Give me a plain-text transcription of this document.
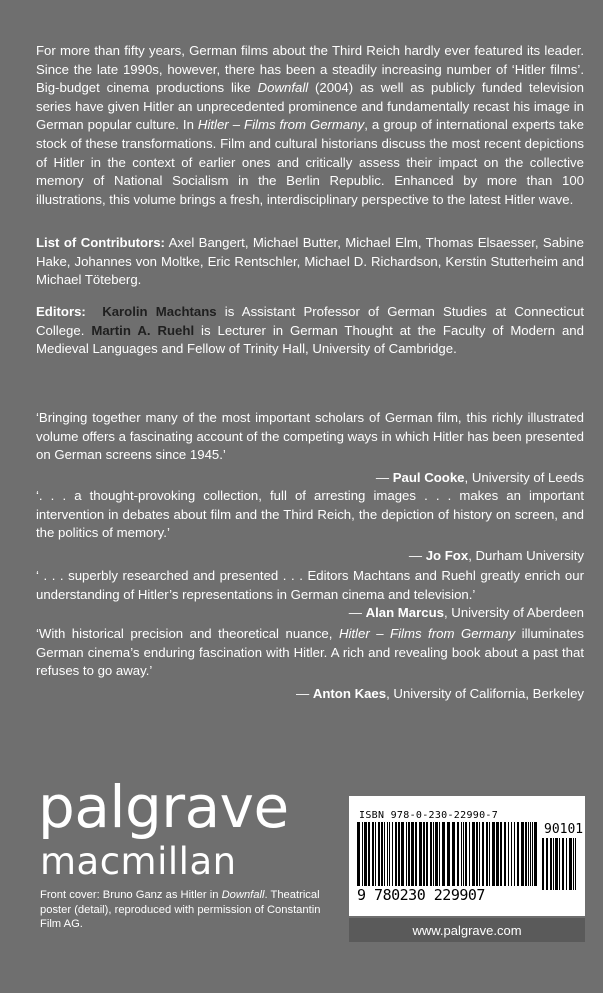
For more than fifty years, German films about the Third Reich hardly ever featured its leader. Since the late 1990s, however, there has been a steadily increasing number of ‘Hitler films’. Big-budget cinema productions like Downfall (2004) as well as publicly funded television series have given Hitler an unprecedented prominence and fundamentally recast his image in German popular culture. In Hitler – Films from Germany, a group of international experts take stock of these transformations. Film and cultural historians discuss the most recent depictions of Hitler in the context of earlier ones and critically assess their impact on the collective memory of National Socialism in the Berlin Republic. Enhanced by more than 100 illustrations, this volume brings a fresh, interdisciplinary perspective to the latest Hitler wave.

List of Contributors: Axel Bangert, Michael Butter, Michael Elm, Thomas Elsaesser, Sabine Hake, Johannes von Moltke, Eric Rentschler, Michael D. Richardson, Kerstin Stutterheim and Michael Töteberg.

Editors: Karolin Machtans is Assistant Professor of German Studies at Connecticut College. Martin A. Ruehl is Lecturer in German Thought at the Faculty of Modern and Medieval Languages and Fellow of Trinity Hall, University of Cambridge.

‘Bringing together many of the most important scholars of German film, this richly illustrated volume offers a fascinating account of the competing ways in which Hitler has been presented on German screens since 1945.’
— Paul Cooke, University of Leeds
‘. . . a thought-provoking collection, full of arresting images . . . makes an important intervention in debates about film and the Third Reich, the depiction of history on screen, and the politics of memory.’
— Jo Fox, Durham University
‘ . . . superbly researched and presented . . . Editors Machtans and Ruehl greatly enrich our understanding of Hitler’s representations in German cinema and television.’
— Alan Marcus, University of Aberdeen
‘With historical precision and theoretical nuance, Hitler – Films from Germany illuminates German cinema’s enduring fascination with Hitler. A rich and revealing book about a past that refuses to go away.’
— Anton Kaes, University of California, Berkeley
palgrave
macmillan

Front cover: Bruno Ganz as Hitler in Downfall. Theatrical poster (detail), reproduced with permission of Constantin Film AG.

ISBN 978-0-230-22990-7
90101
9 780230 229907
www.palgrave.com
